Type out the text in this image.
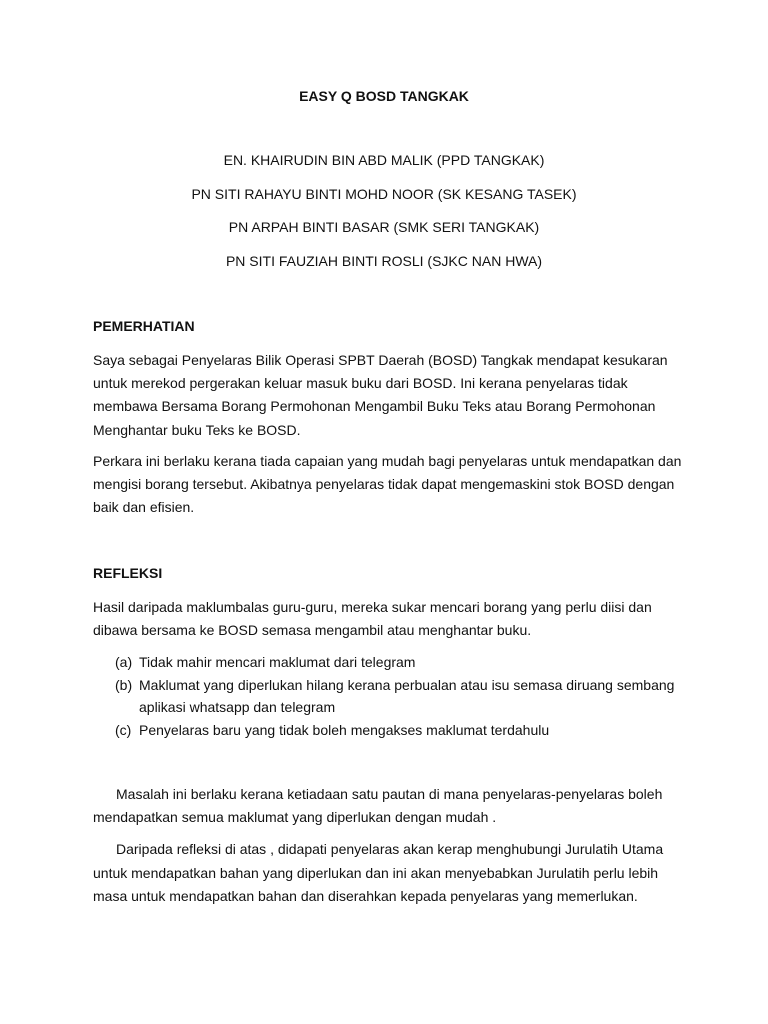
EASY Q BOSD TANGKAK
EN. KHAIRUDIN BIN ABD MALIK (PPD TANGKAK)
PN SITI RAHAYU BINTI MOHD NOOR (SK KESANG TASEK)
PN ARPAH BINTI BASAR (SMK SERI TANGKAK)
PN SITI FAUZIAH BINTI ROSLI (SJKC NAN HWA)

PEMERHATIAN

Saya sebagai Penyelaras Bilik Operasi SPBT Daerah (BOSD) Tangkak mendapat kesukaran untuk merekod pergerakan keluar masuk buku dari BOSD. Ini kerana penyelaras tidak membawa Bersama Borang Permohonan Mengambil Buku Teks atau Borang Permohonan Menghantar buku Teks ke BOSD.

Perkara ini berlaku kerana tiada capaian yang mudah bagi penyelaras untuk mendapatkan dan mengisi borang tersebut. Akibatnya penyelaras tidak dapat mengemaskini stok BOSD dengan baik dan efisien.

REFLEKSI

Hasil daripada maklumbalas guru-guru, mereka sukar mencari borang yang perlu diisi dan dibawa bersama ke BOSD semasa mengambil atau menghantar buku.

(a) Tidak mahir mencari maklumat dari telegram
(b) Maklumat yang diperlukan hilang kerana perbualan atau isu semasa diruang sembang aplikasi whatsapp dan telegram
(c) Penyelaras baru yang tidak boleh mengakses maklumat terdahulu

Masalah ini berlaku kerana ketiadaan satu pautan di mana penyelaras-penyelaras boleh mendapatkan semua maklumat yang diperlukan dengan mudah .

Daripada refleksi di atas , didapati penyelaras akan kerap menghubungi Jurulatih Utama untuk mendapatkan bahan yang diperlukan dan ini akan menyebabkan Jurulatih perlu lebih masa untuk mendapatkan bahan dan diserahkan kepada penyelaras yang memerlukan.
